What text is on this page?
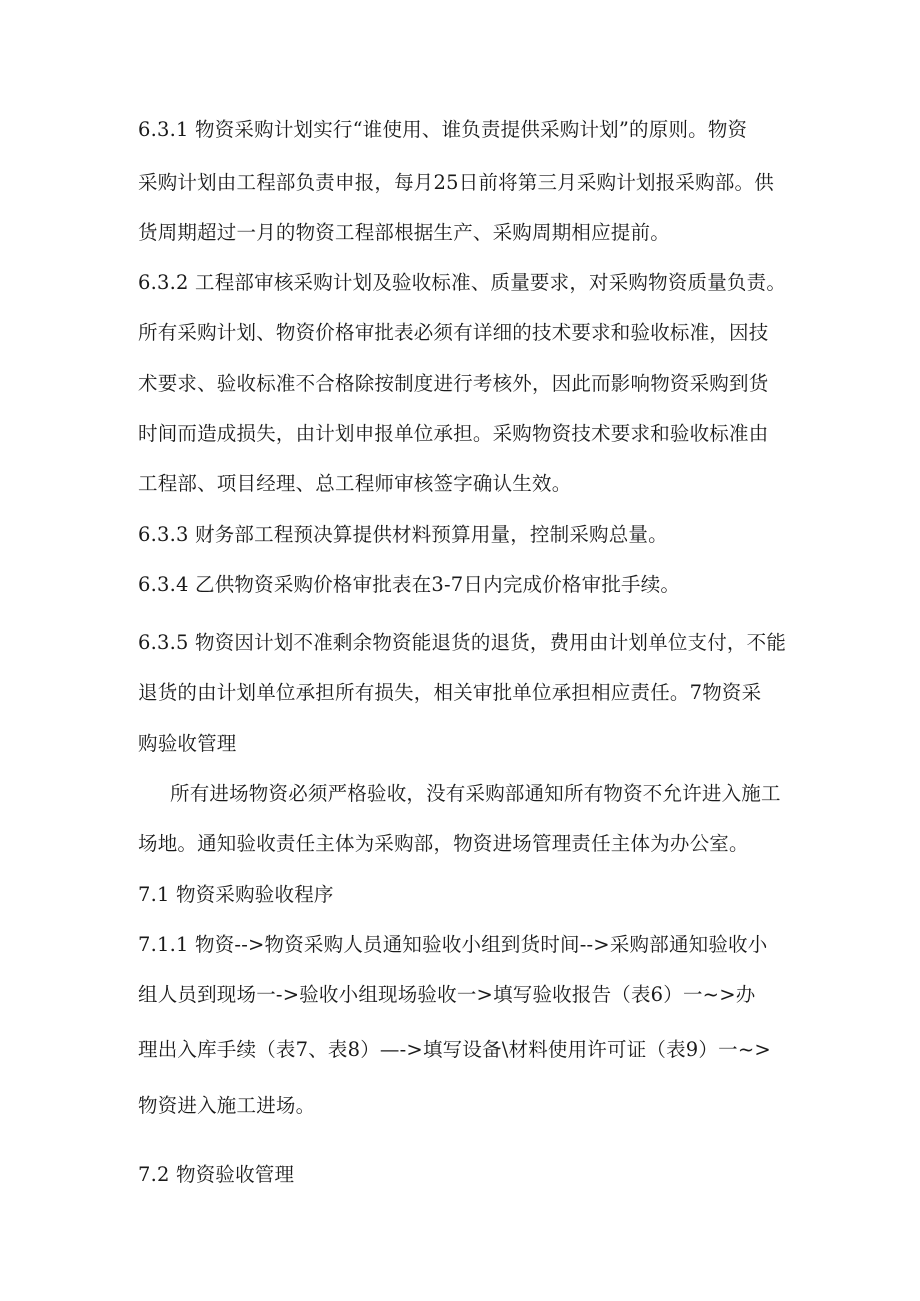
6.3.1 物资采购计划实行“谁使用、谁负责提供采购计划”的原则。物资
采购计划由工程部负责申报，每月25日前将第三月采购计划报采购部。供
货周期超过一月的物资工程部根据生产、采购周期相应提前。
6.3.2 工程部审核采购计划及验收标准、质量要求，对采购物资质量负责。
所有采购计划、物资价格审批表必须有详细的技术要求和验收标准，因技
术要求、验收标准不合格除按制度进行考核外，因此而影响物资采购到货
时间而造成损失，由计划申报单位承担。采购物资技术要求和验收标准由
工程部、项目经理、总工程师审核签字确认生效。
6.3.3 财务部工程预决算提供材料预算用量，控制采购总量。
6.3.4 乙供物资采购价格审批表在3-7日内完成价格审批手续。
6.3.5 物资因计划不准剩余物资能退货的退货，费用由计划单位支付，不能
退货的由计划单位承担所有损失，相关审批单位承担相应责任。7物资采
购验收管理
所有进场物资必须严格验收，没有采购部通知所有物资不允许进入施工
场地。通知验收责任主体为采购部，物资进场管理责任主体为办公室。
7.1 物资采购验收程序
7.1.1 物资-->物资采购人员通知验收小组到货时间-->采购部通知验收小
组人员到现场一->验收小组现场验收一>填写验收报告（表6）一~>办
理出入库手续（表7、表8）—->填写设备\材料使用许可证（表9）一~>
物资进入施工进场。
7.2 物资验收管理
